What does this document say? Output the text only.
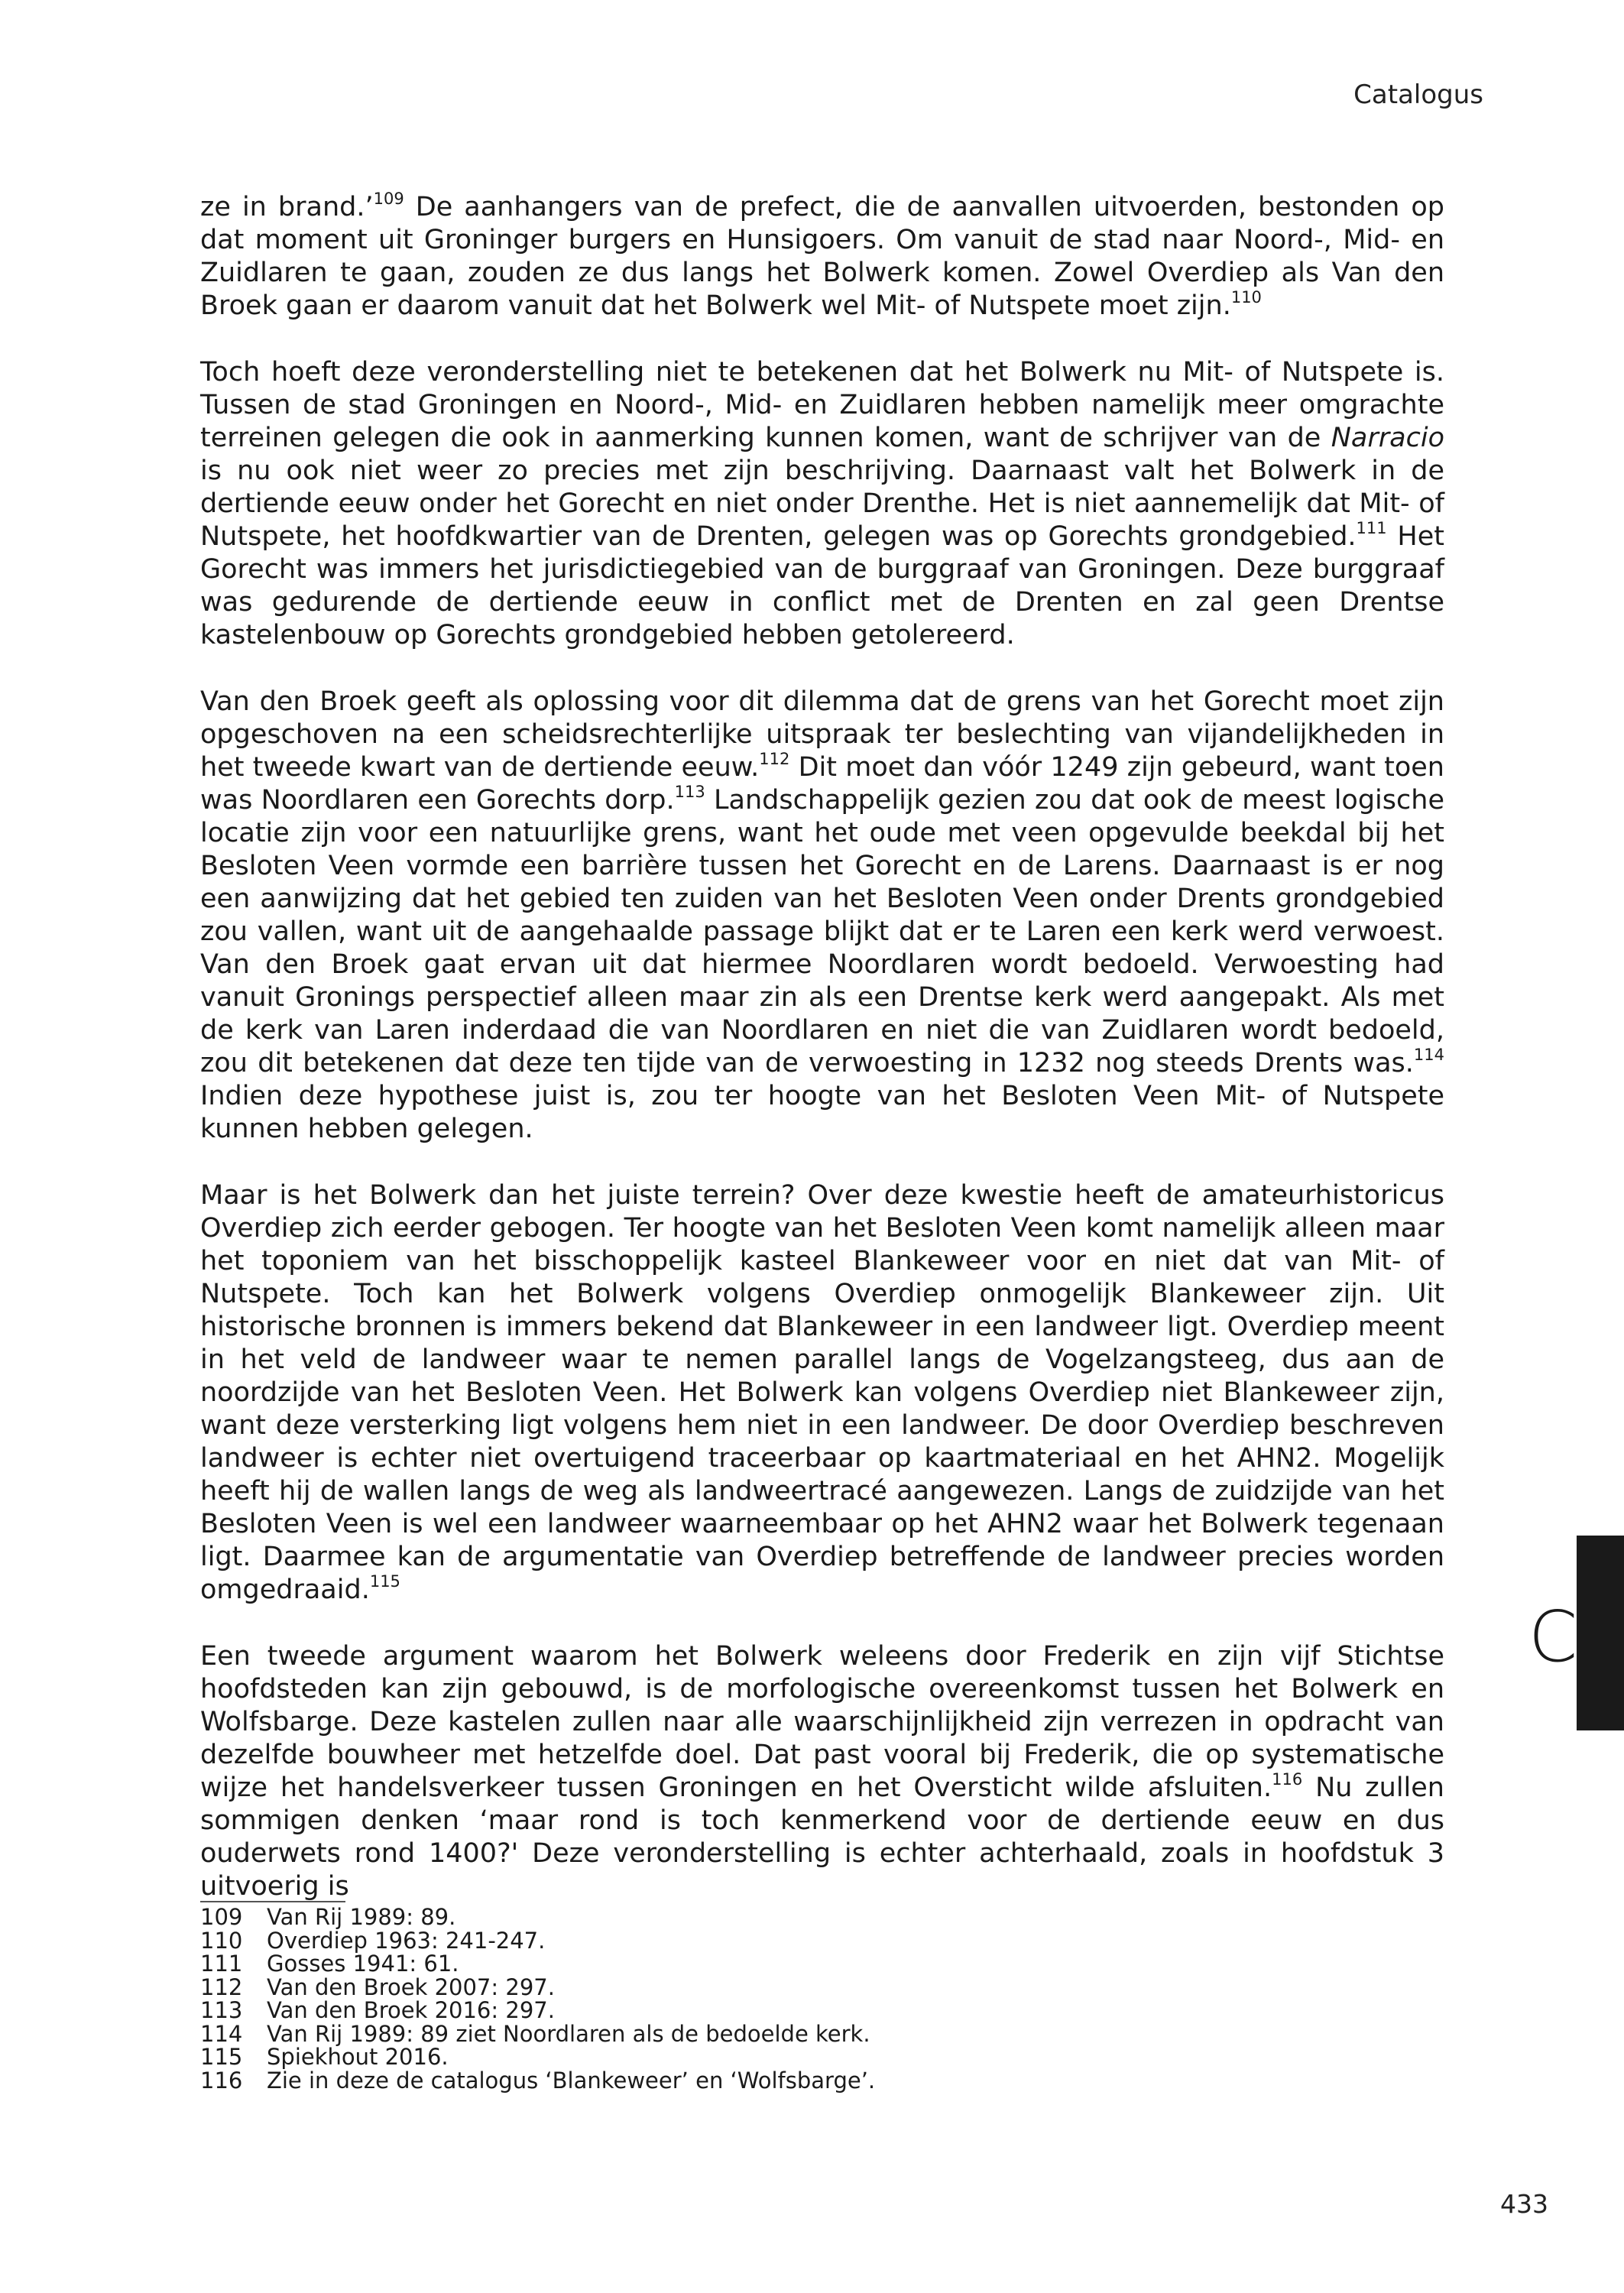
Catalogus

ze in brand.’$^{109}$ De aanhangers van de prefect, die de aanvallen uitvoerden, bestonden op dat moment uit Groninger burgers en Hunsigoers. Om vanuit de stad naar Noord-, Mid- en Zuidlaren te gaan, zouden ze dus langs het Bolwerk komen. Zowel Overdiep als Van den Broek gaan er daarom vanuit dat het Bolwerk wel Mit- of Nutspete moet zijn.$^{110}$

Toch hoeft deze veronderstelling niet te betekenen dat het Bolwerk nu Mit- of Nutspete is. Tussen de stad Groningen en Noord-, Mid- en Zuidlaren hebben namelijk meer omgrachte terreinen gelegen die ook in aanmerking kunnen komen, want de schrijver van de Narracio is nu ook niet weer zo precies met zijn beschrijving. Daarnaast valt het Bolwerk in de dertiende eeuw onder het Gorecht en niet onder Drenthe. Het is niet aannemelijk dat Mit- of Nutspete, het hoofdkwartier van de Drenten, gelegen was op Gorechts grondgebied.$^{111}$ Het Gorecht was immers het jurisdictiegebied van de burggraaf van Groningen. Deze burggraaf was gedurende de dertiende eeuw in conflict met de Drenten en zal geen Drentse kastelenbouw op Gorechts grondgebied hebben getolereerd.

Van den Broek geeft als oplossing voor dit dilemma dat de grens van het Gorecht moet zijn opgeschoven na een scheidsrechterlijke uitspraak ter beslechting van vijandelijkheden in het tweede kwart van de dertiende eeuw.$^{112}$ Dit moet dan vóór 1249 zijn gebeurd, want toen was Noordlaren een Gorechts dorp.$^{113}$ Landschappelijk gezien zou dat ook de meest logische locatie zijn voor een natuurlijke grens, want het oude met veen opgevulde beekdal bij het Besloten Veen vormde een barrière tussen het Gorecht en de Larens. Daarnaast is er nog een aanwijzing dat het gebied ten zuiden van het Besloten Veen onder Drents grondgebied zou vallen, want uit de aangehaalde passage blijkt dat er te Laren een kerk werd verwoest. Van den Broek gaat ervan uit dat hiermee Noordlaren wordt bedoeld. Verwoesting had vanuit Gronings perspectief alleen maar zin als een Drentse kerk werd aangepakt. Als met de kerk van Laren inderdaad die van Noordlaren en niet die van Zuidlaren wordt bedoeld, zou dit betekenen dat deze ten tijde van de verwoesting in 1232 nog steeds Drents was.$^{114}$ Indien deze hypothese juist is, zou ter hoogte van het Besloten Veen Mit- of Nutspete kunnen hebben gelegen.

Maar is het Bolwerk dan het juiste terrein? Over deze kwestie heeft de amateurhistoricus Overdiep zich eerder gebogen. Ter hoogte van het Besloten Veen komt namelijk alleen maar het toponiem van het bisschoppelijk kasteel Blankeweer voor en niet dat van Mit- of Nutspete. Toch kan het Bolwerk volgens Overdiep onmogelijk Blankeweer zijn. Uit historische bronnen is immers bekend dat Blankeweer in een landweer ligt. Overdiep meent in het veld de landweer waar te nemen parallel langs de Vogelzangsteeg, dus aan de noordzijde van het Besloten Veen. Het Bolwerk kan volgens Overdiep niet Blankeweer zijn, want deze versterking ligt volgens hem niet in een landweer. De door Overdiep beschreven landweer is echter niet overtuigend traceerbaar op kaartmateriaal en het AHN2. Mogelijk heeft hij de wallen langs de weg als landweertracé aangewezen. Langs de zuidzijde van het Besloten Veen is wel een landweer waarneembaar op het AHN2 waar het Bolwerk tegenaan ligt. Daarmee kan de argumentatie van Overdiep betreffende de landweer precies worden omgedraaid.$^{115}$

Een tweede argument waarom het Bolwerk weleens door Frederik en zijn vijf Stichtse hoofdsteden kan zijn gebouwd, is de morfologische overeenkomst tussen het Bolwerk en Wolfsbarge. Deze kastelen zullen naar alle waarschijnlijkheid zijn verrezen in opdracht van dezelfde bouwheer met hetzelfde doel. Dat past vooral bij Frederik, die op systematische wijze het handelsverkeer tussen Groningen en het Oversticht wilde afsluiten.$^{116}$ Nu zullen sommigen denken ‘maar rond is toch kenmerkend voor de dertiende eeuw en dus ouderwets rond 1400?' Deze veronderstelling is echter achterhaald, zoals in hoofdstuk 3 uitvoerig is

109	Van Rij 1989: 89.
110	Overdiep 1963: 241-247.
111	Gosses 1941: 61.
112	Van den Broek 2007: 297.
113	Van den Broek 2016: 297.
114	Van Rij 1989: 89 ziet Noordlaren als de bedoelde kerk.
115	Spiekhout 2016.
116	Zie in deze de catalogus ‘Blankeweer’ en ‘Wolfsbarge’.
C
433
